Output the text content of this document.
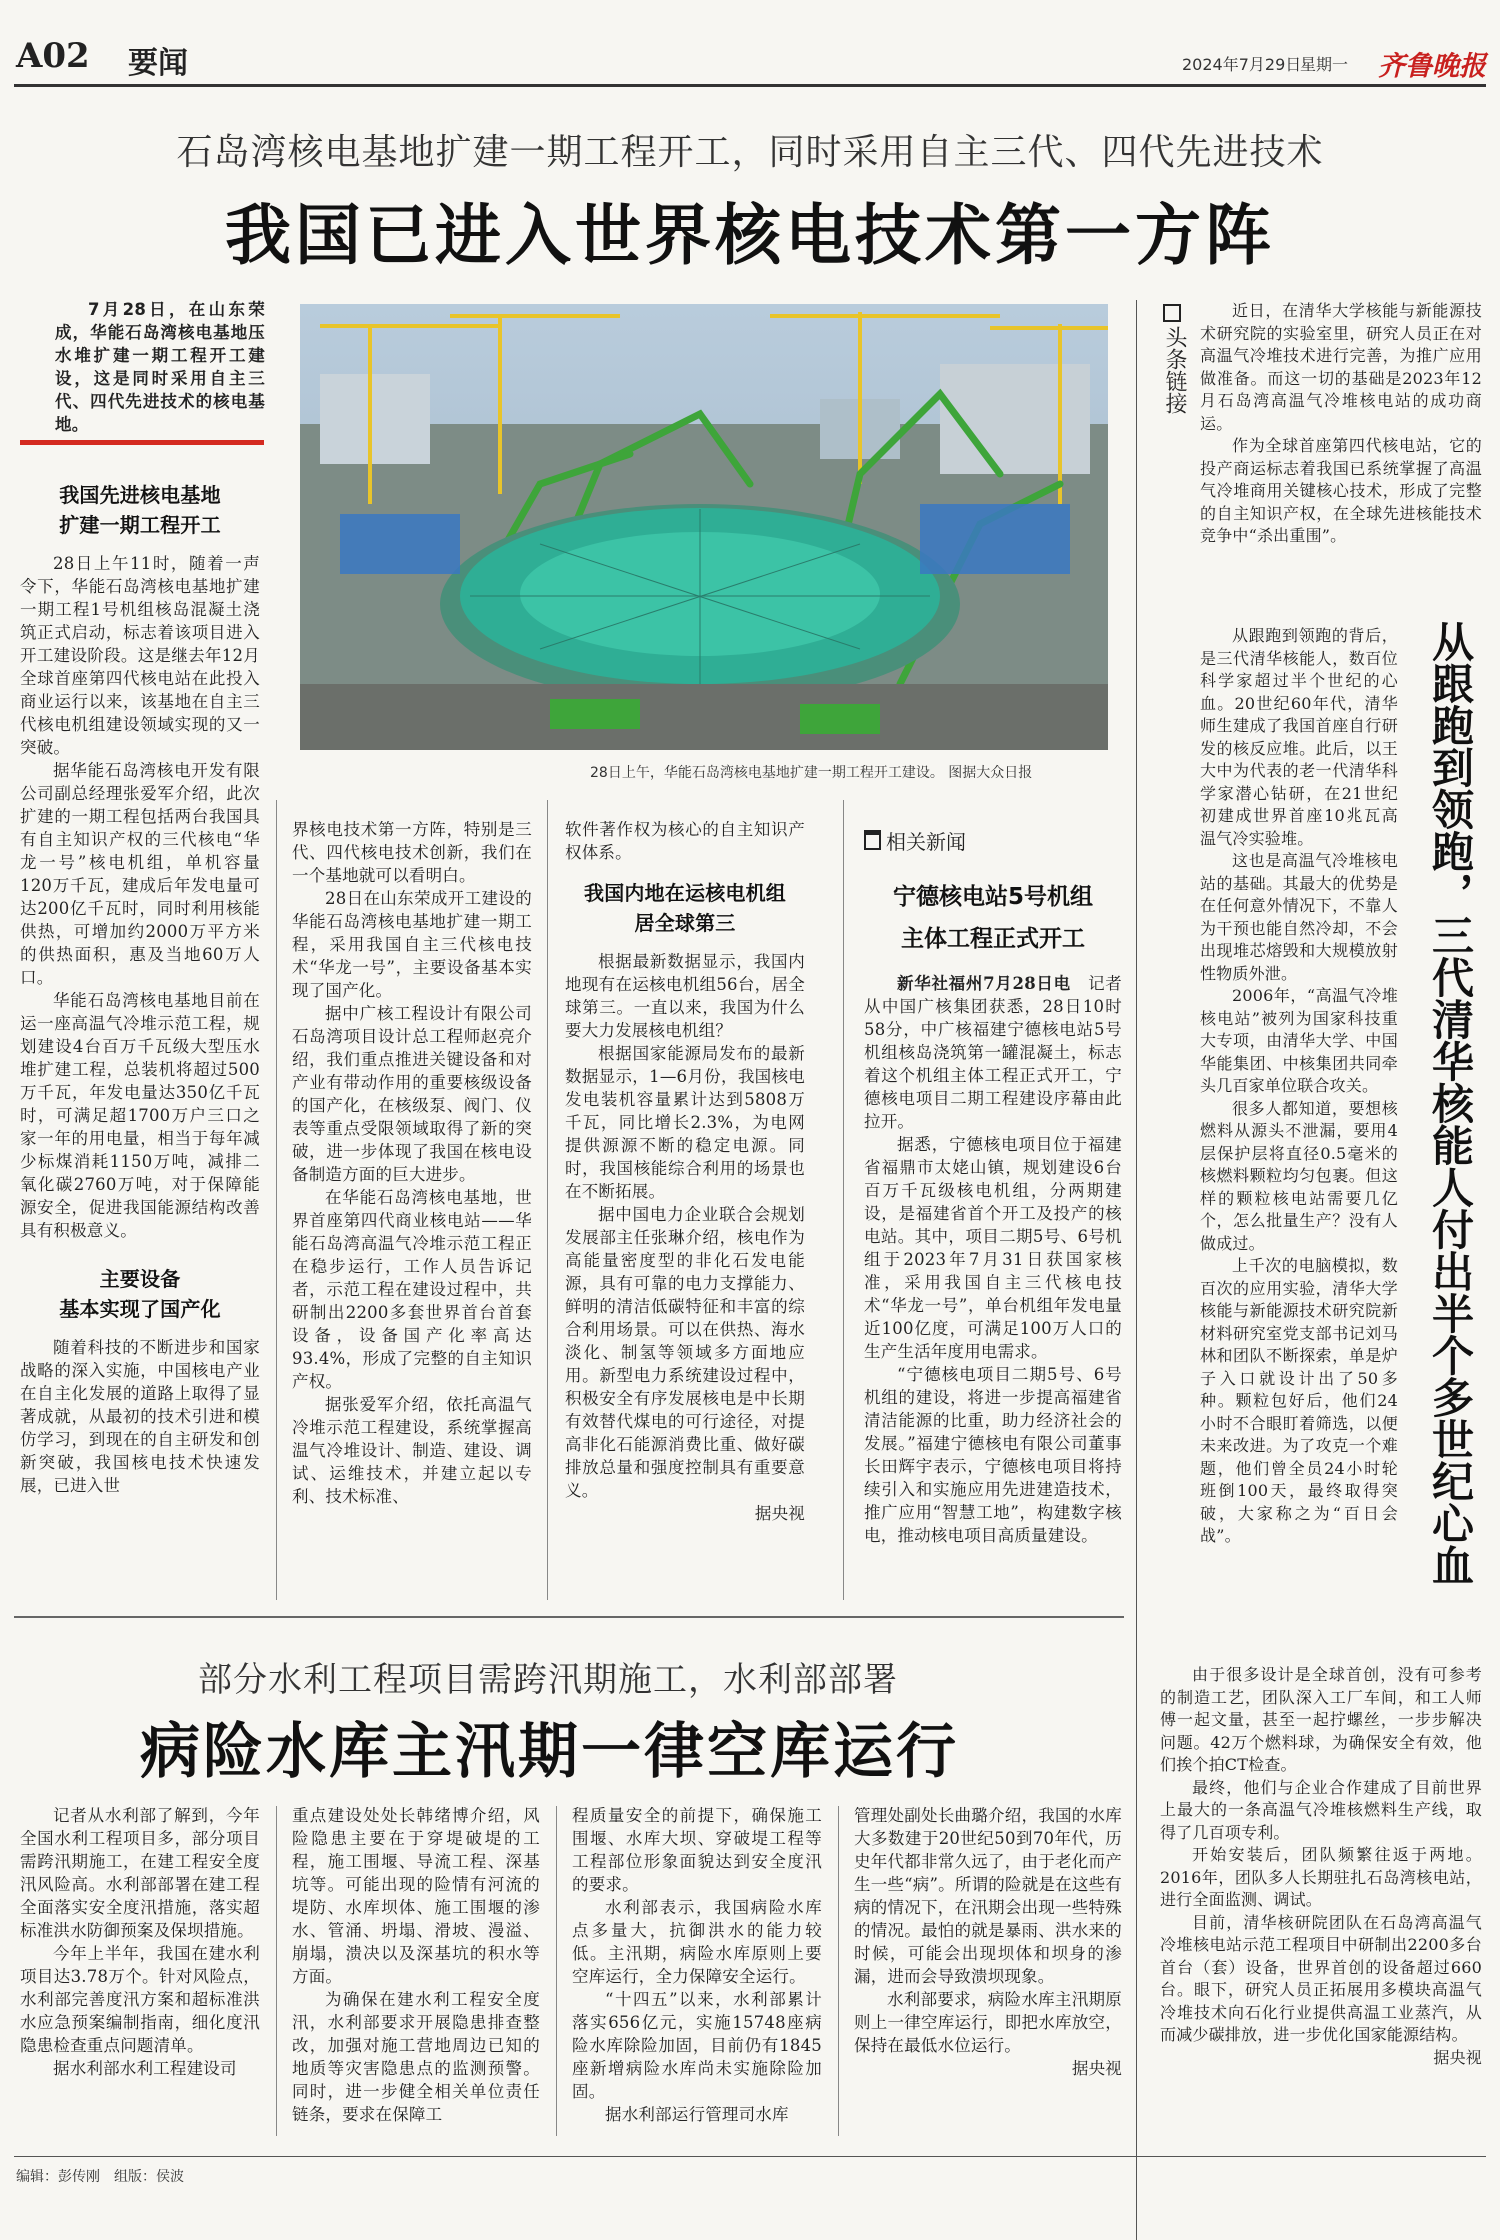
A02 要闻	2024年7月29日
星期一 齐鲁晚报
石岛湾核电基地扩建一期工程开工，同时采用自主三代、四代先进技术
我国已进入世界核电技术第一方阵

7月28日，在山东荣成，华能石岛湾核电基地压水堆扩建一期工程开工建设，这是同时采用自主三代、四代先进技术的核电基地。

28日上午，华能石岛湾核电基地扩建一期工程开工建设。 图据大众日报
我国先进核电基地
扩建一期工程开工

28日上午11时，随着一声令下，华能石岛湾核电基地扩建一期工程1号机组核岛混凝土浇筑正式启动，标志着该项目进入开工建设阶段。这是继去年12月全球首座第四代核电站在此投入商业运行以来，该基地在自主三代核电机组建设领域实现的又一突破。

据华能石岛湾核电开发有限公司副总经理张爱军介绍，此次扩建的一期工程包括两台我国具有自主知识产权的三代核电“华龙一号”核电机组，单机容量120万千瓦，建成后年发电量可达200亿千瓦时，同时利用核能供热，可增加约2000万平方米的供热面积，惠及当地60万人口。

华能石岛湾核电基地目前在运一座高温气冷堆示范工程，规划建设4台百万千瓦级大型压水堆扩建工程，总装机将超过500万千瓦，年发电量达350亿千瓦时，可满足超1700万户三口之家一年的用电量，相当于每年减少标煤消耗1150万吨，减排二氧化碳2760万吨，对于保障能源安全，促进我国能源结构改善具有积极意义。

主要设备
基本实现了国产化

随着科技的不断进步和国家战略的深入实施，中国核电产业在自主化发展的道路上取得了显著成就，从最初的技术引进和模仿学习，到现在的自主研发和创新突破，我国核电技术快速发展，已进入世

界核电技术第一方阵，特别是三代、四代核电技术创新，我们在一个基地就可以看明白。

28日在山东荣成开工建设的华能石岛湾核电基地扩建一期工程，采用我国自主三代核电技术“华龙一号”，主要设备基本实现了国产化。

据中广核工程设计有限公司石岛湾项目设计总工程师赵亮介绍，我们重点推进关键设备和对产业有带动作用的重要核级设备的国产化，在核级泵、阀门、仪表等重点受限领域取得了新的突破，进一步体现了我国在核电设备制造方面的巨大进步。

在华能石岛湾核电基地，世界首座第四代商业核电站——华能石岛湾高温气冷堆示范工程正在稳步运行，工作人员告诉记者，示范工程在建设过程中，共研制出2200多套世界首台首套设备，设备国产化率高达93.4%，形成了完整的自主知识产权。

据张爱军介绍，依托高温气冷堆示范工程建设，系统掌握高温气冷堆设计、制造、建设、调试、运维技术，并建立起以专利、技术标准、

软件著作权为核心的自主知识产权体系。

我国内地在运核电机组
居全球第三

根据最新数据显示，我国内地现有在运核电机组56台，居全球第三。一直以来，我国为什么要大力发展核电机组？

根据国家能源局发布的最新数据显示，1—6月份，我国核电发电装机容量累计达到5808万千瓦，同比增长2.3%，为电网提供源源不断的稳定电源。同时，我国核能综合利用的场景也在不断拓展。

据中国电力企业联合会规划发展部主任张琳介绍，核电作为高能量密度型的非化石发电能源，具有可靠的电力支撑能力、鲜明的清洁低碳特征和丰富的综合利用场景。可以在供热、海水淡化、制氢等领域多方面地应用。新型电力系统建设过程中，积极安全有序发展核电是中长期有效替代煤电的可行途径，对提高非化石能源消费比重、做好碳排放总量和强度控制具有重要意义。

据央视

相关新闻
宁德核电站5号机组
主体工程正式开工

新华社福州7月28日电　 记者从中国广核集团获悉，28日10时58分，中广核福建宁德核电站5号机组核岛浇筑第一罐混凝土，标志着这个机组主体工程正式开工，宁德核电项目二期工程建设序幕由此拉开。

据悉，宁德核电项目位于福建省福鼎市太姥山镇，规划建设6台百万千瓦级核电机组，分两期建设，是福建省首个开工及投产的核电站。其中，项目二期5号、6号机组于2023年7月31日获国家核准，采用我国自主三代核电技术“华龙一号”，单台机组年发电量近100亿度，可满足100万人口的生产生活年度用电需求。

“宁德核电项目二期5号、6号机组的建设，将进一步提高福建省清洁能源的比重，助力经济社会的发展。”福建宁德核电有限公司董事长田辉宇表示，宁德核电项目将持续引入和实施应用先进建造技术，推广应用“智慧工地”，构建数字核电，推动核电项目高质量建设。

头条链接
从跟跑到领跑，三代清华核能人付出半个多世纪心血

近日，在清华大学核能与新能源技术研究院的实验室里，研究人员正在对高温气冷堆技术进行完善，为推广应用做准备。而这一切的基础是2023年12月石岛湾高温气冷堆核电站的成功商运。

作为全球首座第四代核电站，它的投产商运标志着我国已系统掌握了高温气冷堆商用关键核心技术，形成了完整的自主知识产权，在全球先进核能技术竞争中“杀出重围”。

从跟跑到领跑的背后，是三代清华核能人，数百位科学家超过半个世纪的心血。20世纪60年代，清华师生建成了我国首座自行研发的核反应堆。此后，以王大中为代表的老一代清华科学家潜心钻研，在21世纪初建成世界首座10兆瓦高温气冷实验堆。

这也是高温气冷堆核电站的基础。其最大的优势是在任何意外情况下，不靠人为干预也能自然冷却，不会出现堆芯熔毁和大规模放射性物质外泄。

2006年，“高温气冷堆核电站”被列为国家科技重大专项，由清华大学、中国华能集团、中核集团共同牵头几百家单位联合攻关。

很多人都知道，要想核燃料从源头不泄漏，要用4层保护层将直径0.5毫米的核燃料颗粒均匀包裹。但这样的颗粒核电站需要几亿个，怎么批量生产？没有人做成过。

上千次的电脑模拟，数百次的应用实验，清华大学核能与新能源技术研究院新材料研究室党支部书记刘马林和团队不断探索，单是炉子入口就设计出了50多种。颗粒包好后，他们24小时不合眼盯着筛选，以便未来改进。为了攻克一个难题，他们曾全员24小时轮班倒100天，最终取得突破，大家称之为“百日会战”。

由于很多设计是全球首创，没有可参考的制造工艺，团队深入工厂车间，和工人师傅一起文量，甚至一起拧螺丝，一步步解决问题。42万个燃料球，为确保安全有效，他们挨个拍CT检查。

最终，他们与企业合作建成了目前世界上最大的一条高温气冷堆核燃料生产线，取得了几百项专利。

开始安装后，团队频繁往返于两地。2016年，团队多人长期驻扎石岛湾核电站，进行全面监测、调试。

目前，清华核研院团队在石岛湾高温气冷堆核电站示范工程项目中研制出2200多台首台（套）设备，世界首创的设备超过660台。眼下，研究人员正拓展用多模块高温气冷堆技术向石化行业提供高温工业蒸汽，从而减少碳排放，进一步优化国家能源结构。

据央视

部分水利工程项目需跨汛期施工，水利部部署
病险水库主汛期一律空库运行

记者从水利部了解到，今年全国水利工程项目多，部分项目需跨汛期施工，在建工程安全度汛风险高。水利部部署在建工程全面落实安全度汛措施，落实超标准洪水防御预案及保坝措施。

今年上半年，我国在建水利项目达3.78万个。针对风险点，水利部完善度汛方案和超标准洪水应急预案编制指南，细化度汛隐患检查重点问题清单。

据水利部水利工程建设司

重点建设处处长韩绪博介绍，风险隐患主要在于穿堤破堤的工程，施工围堰、导流工程、深基坑等。可能出现的险情有河流的堤防、水库坝体、施工围堰的渗水、管涌、坍塌、滑坡、漫溢、崩塌，溃决以及深基坑的积水等方面。

为确保在建水利工程安全度汛，水利部要求开展隐患排查整改，加强对施工营地周边已知的地质等灾害隐患点的监测预警。同时，进一步健全相关单位责任链条，要求在保障工

程质量安全的前提下，确保施工围堰、水库大坝、穿破堤工程等工程部位形象面貌达到安全度汛的要求。

水利部表示，我国病险水库点多量大，抗御洪水的能力较低。主汛期，病险水库原则上要空库运行，全力保障安全运行。

“十四五”以来，水利部累计落实656亿元，实施15748座病险水库除险加固，目前仍有1845座新增病险水库尚未实施除险加固。

据水利部运行管理司水库

管理处副处长曲璐介绍，我国的水库大多数建于20世纪50到70年代，历史年代都非常久远了，由于老化而产生一些“病”。所谓的险就是在这些有病的情况下，在汛期会出现一些特殊的情况。最怕的就是暴雨、洪水来的时候，可能会出现坝体和坝身的渗漏，进而会导致溃坝现象。

水利部要求，病险水库主汛期原则上一律空库运行，即把水库放空，保持在最低水位运行。

据央视

编辑：彭传刚　 组版：侯波
